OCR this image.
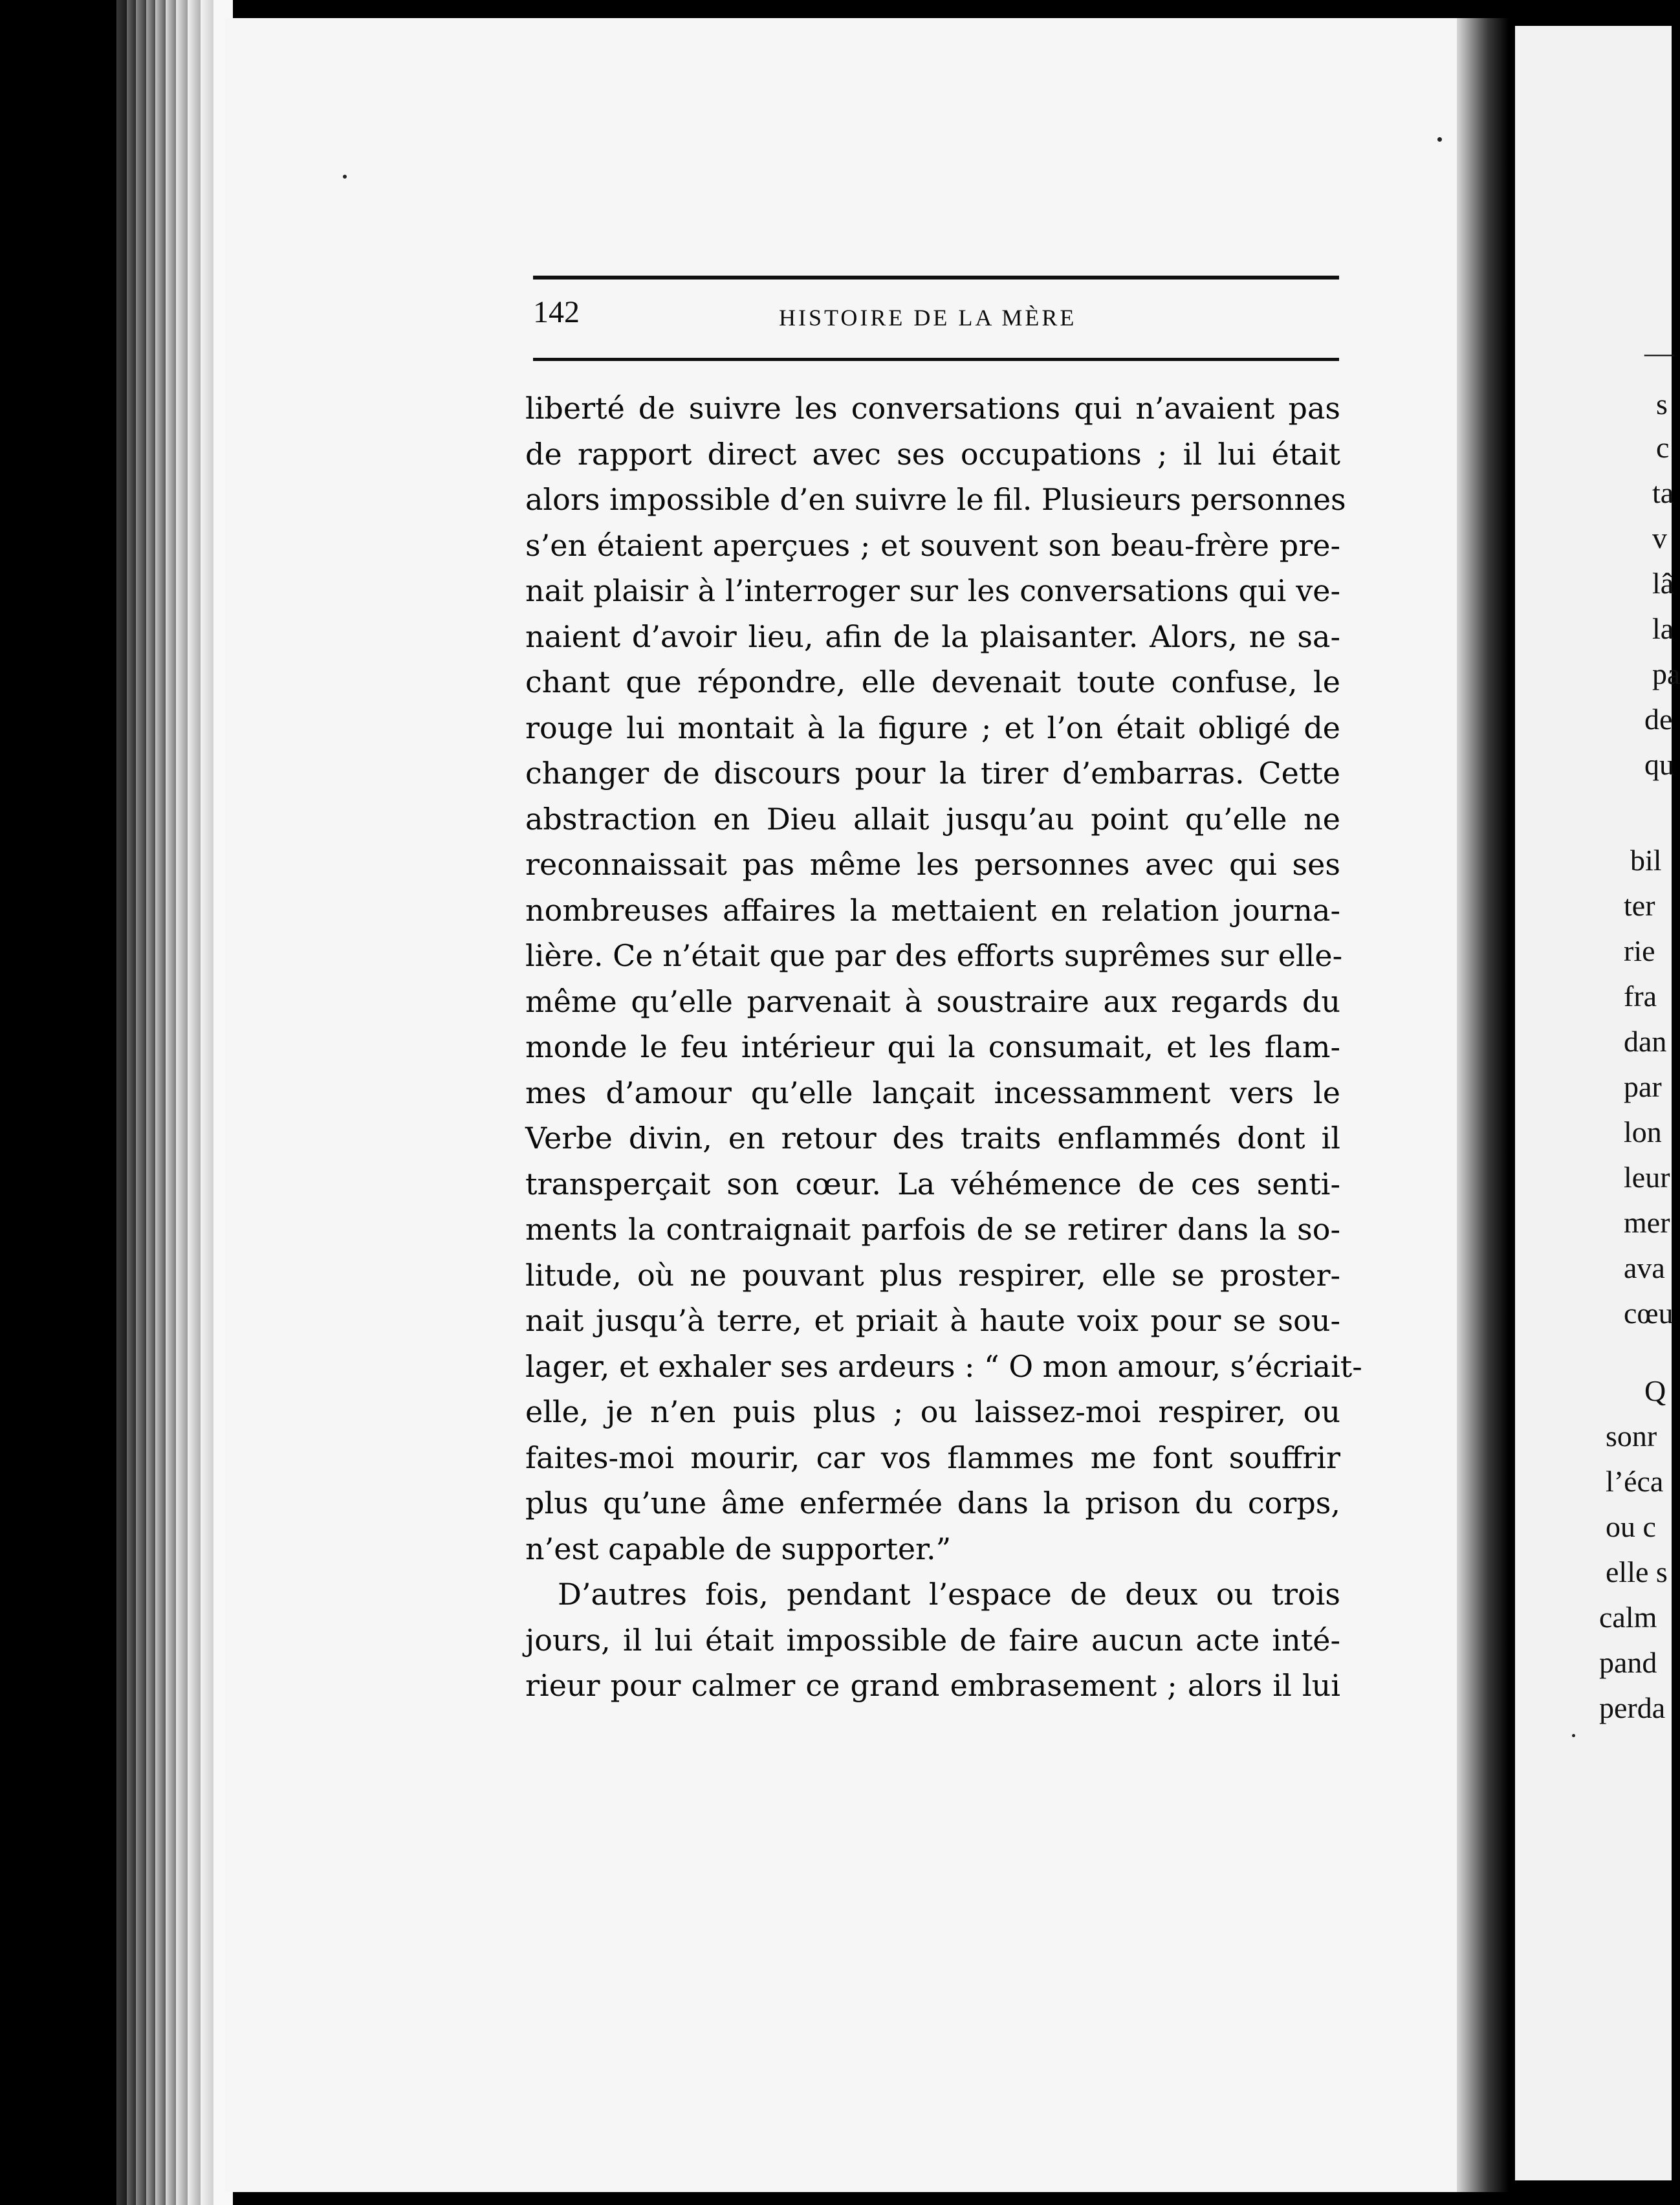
—
s
c
ta
v
lâ
la
pa
de
qu
bil
ter
rie
fra
dan
par
lon
leur
mer
ava
cœu
Q
sonr
l’éca
ou c
elle s
calm
pand
perda

142	HISTOIRE DE LA MÈRE

liberté de suivre les conversations qui n’avaient pas
de rapport direct avec ses occupations ; il lui était
alors impossible d’en suivre le fil. Plusieurs personnes
s’en étaient aperçues ; et souvent son beau-frère pre-
nait plaisir à l’interroger sur les conversations qui ve-
naient d’avoir lieu, afin de la plaisanter. Alors, ne sa-
chant que répondre, elle devenait toute confuse, le
rouge lui montait à la figure ; et l’on était obligé de
changer de discours pour la tirer d’embarras. Cette
abstraction en Dieu allait jusqu’au point qu’elle ne
reconnaissait pas même les personnes avec qui ses
nombreuses affaires la mettaient en relation journa-
lière. Ce n’était que par des efforts suprêmes sur elle-
même qu’elle parvenait à soustraire aux regards du
monde le feu intérieur qui la consumait, et les flam-
mes d’amour qu’elle lançait incessamment vers le
Verbe divin, en retour des traits enflammés dont il
transperçait son cœur. La véhémence de ces senti-
ments la contraignait parfois de se retirer dans la so-
litude, où ne pouvant plus respirer, elle se proster-
nait jusqu’à terre, et priait à haute voix pour se sou-
lager, et exhaler ses ardeurs : “ O mon amour, s’écriait-
elle, je n’en puis plus ; ou laissez-moi respirer, ou
faites-moi mourir, car vos flammes me font souffrir
plus qu’une âme enfermée dans la prison du corps,
n’est capable de supporter.”
D’autres fois, pendant l’espace de deux ou trois
jours, il lui était impossible de faire aucun acte inté-
rieur pour calmer ce grand embrasement ; alors il lui
